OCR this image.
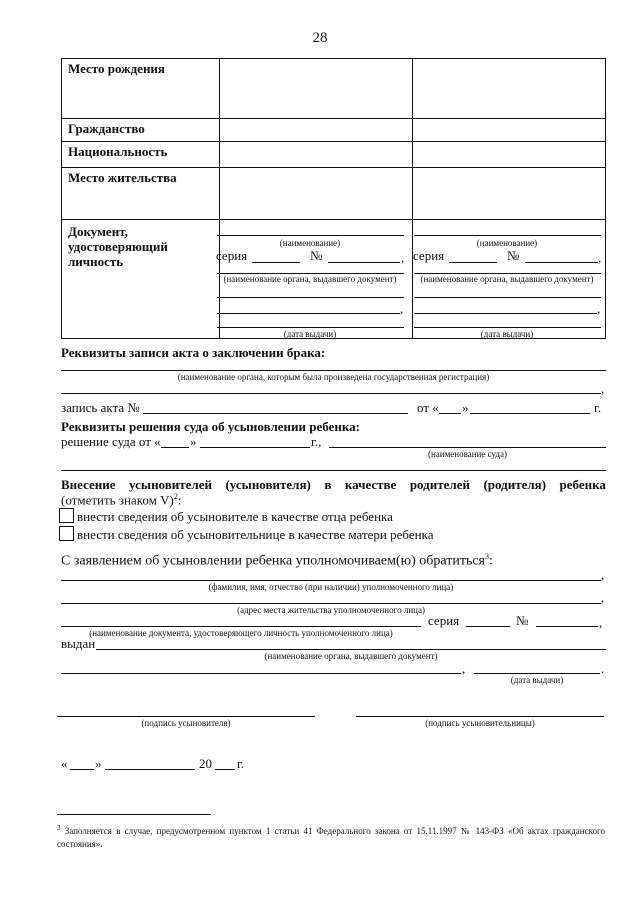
28
Место рождения		
Гражданство		
Национальность		
Место жительства		
Документ, удостоверяющий личность		
(наименование)
серия	№	,
(наименование органа, выдавшего документ)
,
(дата выдачи)
(наименование)
серия	№	,
(наименование органа, выдавшего документ)
,
(дата выдачи)
Реквизиты записи акта о заключении брака:
(наименование органа, которым была произведена государственная регистрация)
,
запись акта №	от « »	г.
Реквизиты решения суда об усыновлении ребенка:
решение суда от « »	г.,
(наименование суда)
Внесение усыновителей (усыновителя) в качестве родителей (родителя) ребенка
(отметить знаком V)$^2$:
внести сведения об усыновителе в качестве отца ребенка
внести сведения об усыновительнице в качестве матери ребенка
С заявлением об усыновлении ребенка уполномочиваем(ю) обратиться$^3$:
,
(фамилия, имя, отчество (при наличии) уполномоченного лица)
,
(адрес места жительства уполномоченного лица)
серия	№	,
(наименование документа, удостоверяющего личность уполномоченного лица)
выдан
(наименование органа, выдавшего документ)
,	.
(дата выдачи)
(подпись усыновителя)	(подпись усыновительницы)
« »	20 г.
$^3$ Заполняется в случае, предусмотренном пунктом 1 статьи 41 Федерального закона от 15.11.1997 № 143-ФЗ «Об актах гражданского состояния».
